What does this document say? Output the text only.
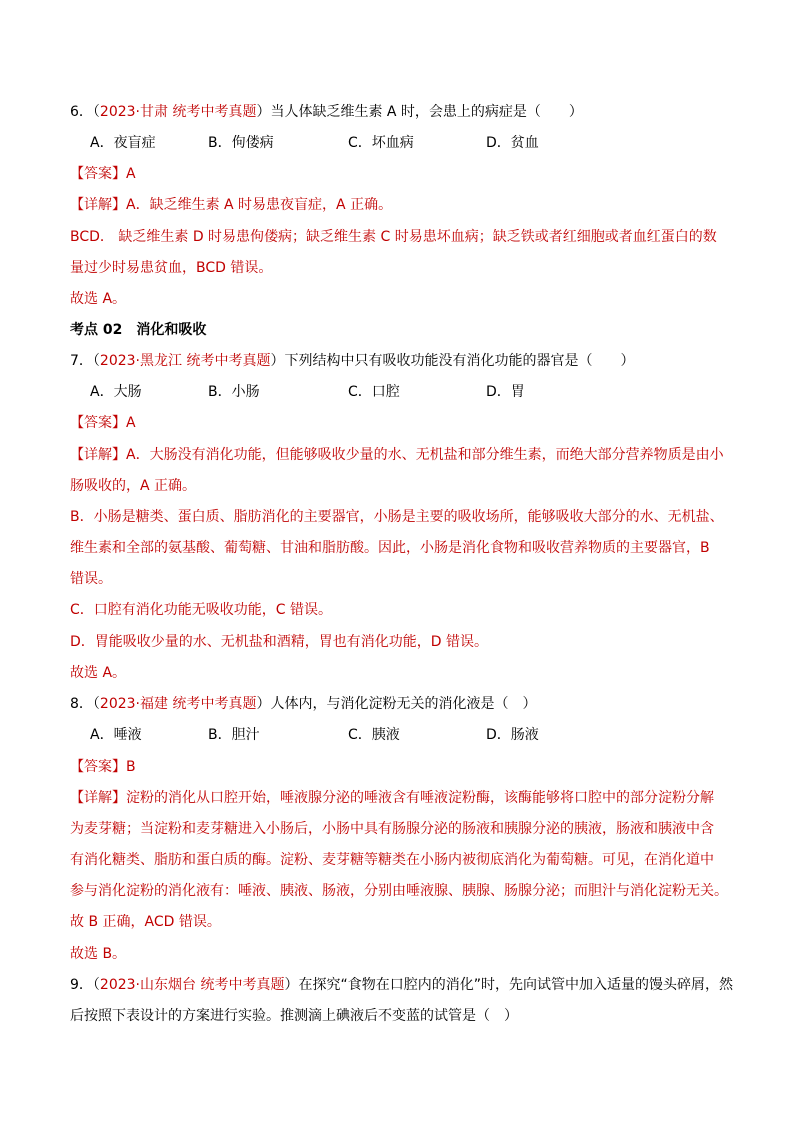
6．（2023·甘肃 统考中考真题）当人体缺乏维生素 A 时，会患上的病症是（　　）
A．夜盲症	B．佝偻病	C．坏血病	D．贫血
【答案】A
【详解】A．缺乏维生素 A 时易患夜盲症，A 正确。
BCD． 缺乏维生素 D 时易患佝偻病；缺乏维生素 C 时易患坏血病；缺乏铁或者红细胞或者血红蛋白的数
量过少时易患贫血，BCD 错误。
故选 A。
考点 02　消化和吸收
7．（2023·黑龙江 统考中考真题）下列结构中只有吸收功能没有消化功能的器官是（　　）
A．大肠	B．小肠	C．口腔	D．胃
【答案】A
【详解】A．大肠没有消化功能，但能够吸收少量的水、无机盐和部分维生素，而绝大部分营养物质是由小
肠吸收的，A 正确。
B．小肠是糖类、蛋白质、脂肪消化的主要器官，小肠是主要的吸收场所，能够吸收大部分的水、无机盐、
维生素和全部的氨基酸、葡萄糖、甘油和脂肪酸。因此，小肠是消化食物和吸收营养物质的主要器官，B
错误。
C．口腔有消化功能无吸收功能，C 错误。
D．胃能吸收少量的水、无机盐和酒精，胃也有消化功能，D 错误。
故选 A。
8．（2023·福建 统考中考真题）人体内，与消化淀粉无关的消化液是（　）
A．唾液	B．胆汁	C．胰液	D．肠液
【答案】B
【详解】淀粉的消化从口腔开始，唾液腺分泌的唾液含有唾液淀粉酶，该酶能够将口腔中的部分淀粉分解
为麦芽糖；当淀粉和麦芽糖进入小肠后，小肠中具有肠腺分泌的肠液和胰腺分泌的胰液，肠液和胰液中含
有消化糖类、脂肪和蛋白质的酶。淀粉、麦芽糖等糖类在小肠内被彻底消化为葡萄糖。可见，在消化道中
参与消化淀粉的消化液有：唾液、胰液、肠液，分别由唾液腺、胰腺、肠腺分泌；而胆汁与消化淀粉无关。
故 B 正确，ACD 错误。
故选 B。
9．（2023·山东烟台 统考中考真题）在探究“食物在口腔内的消化”时，先向试管中加入适量的馒头碎屑，然
后按照下表设计的方案进行实验。推测滴上碘液后不变蓝的试管是（　）
